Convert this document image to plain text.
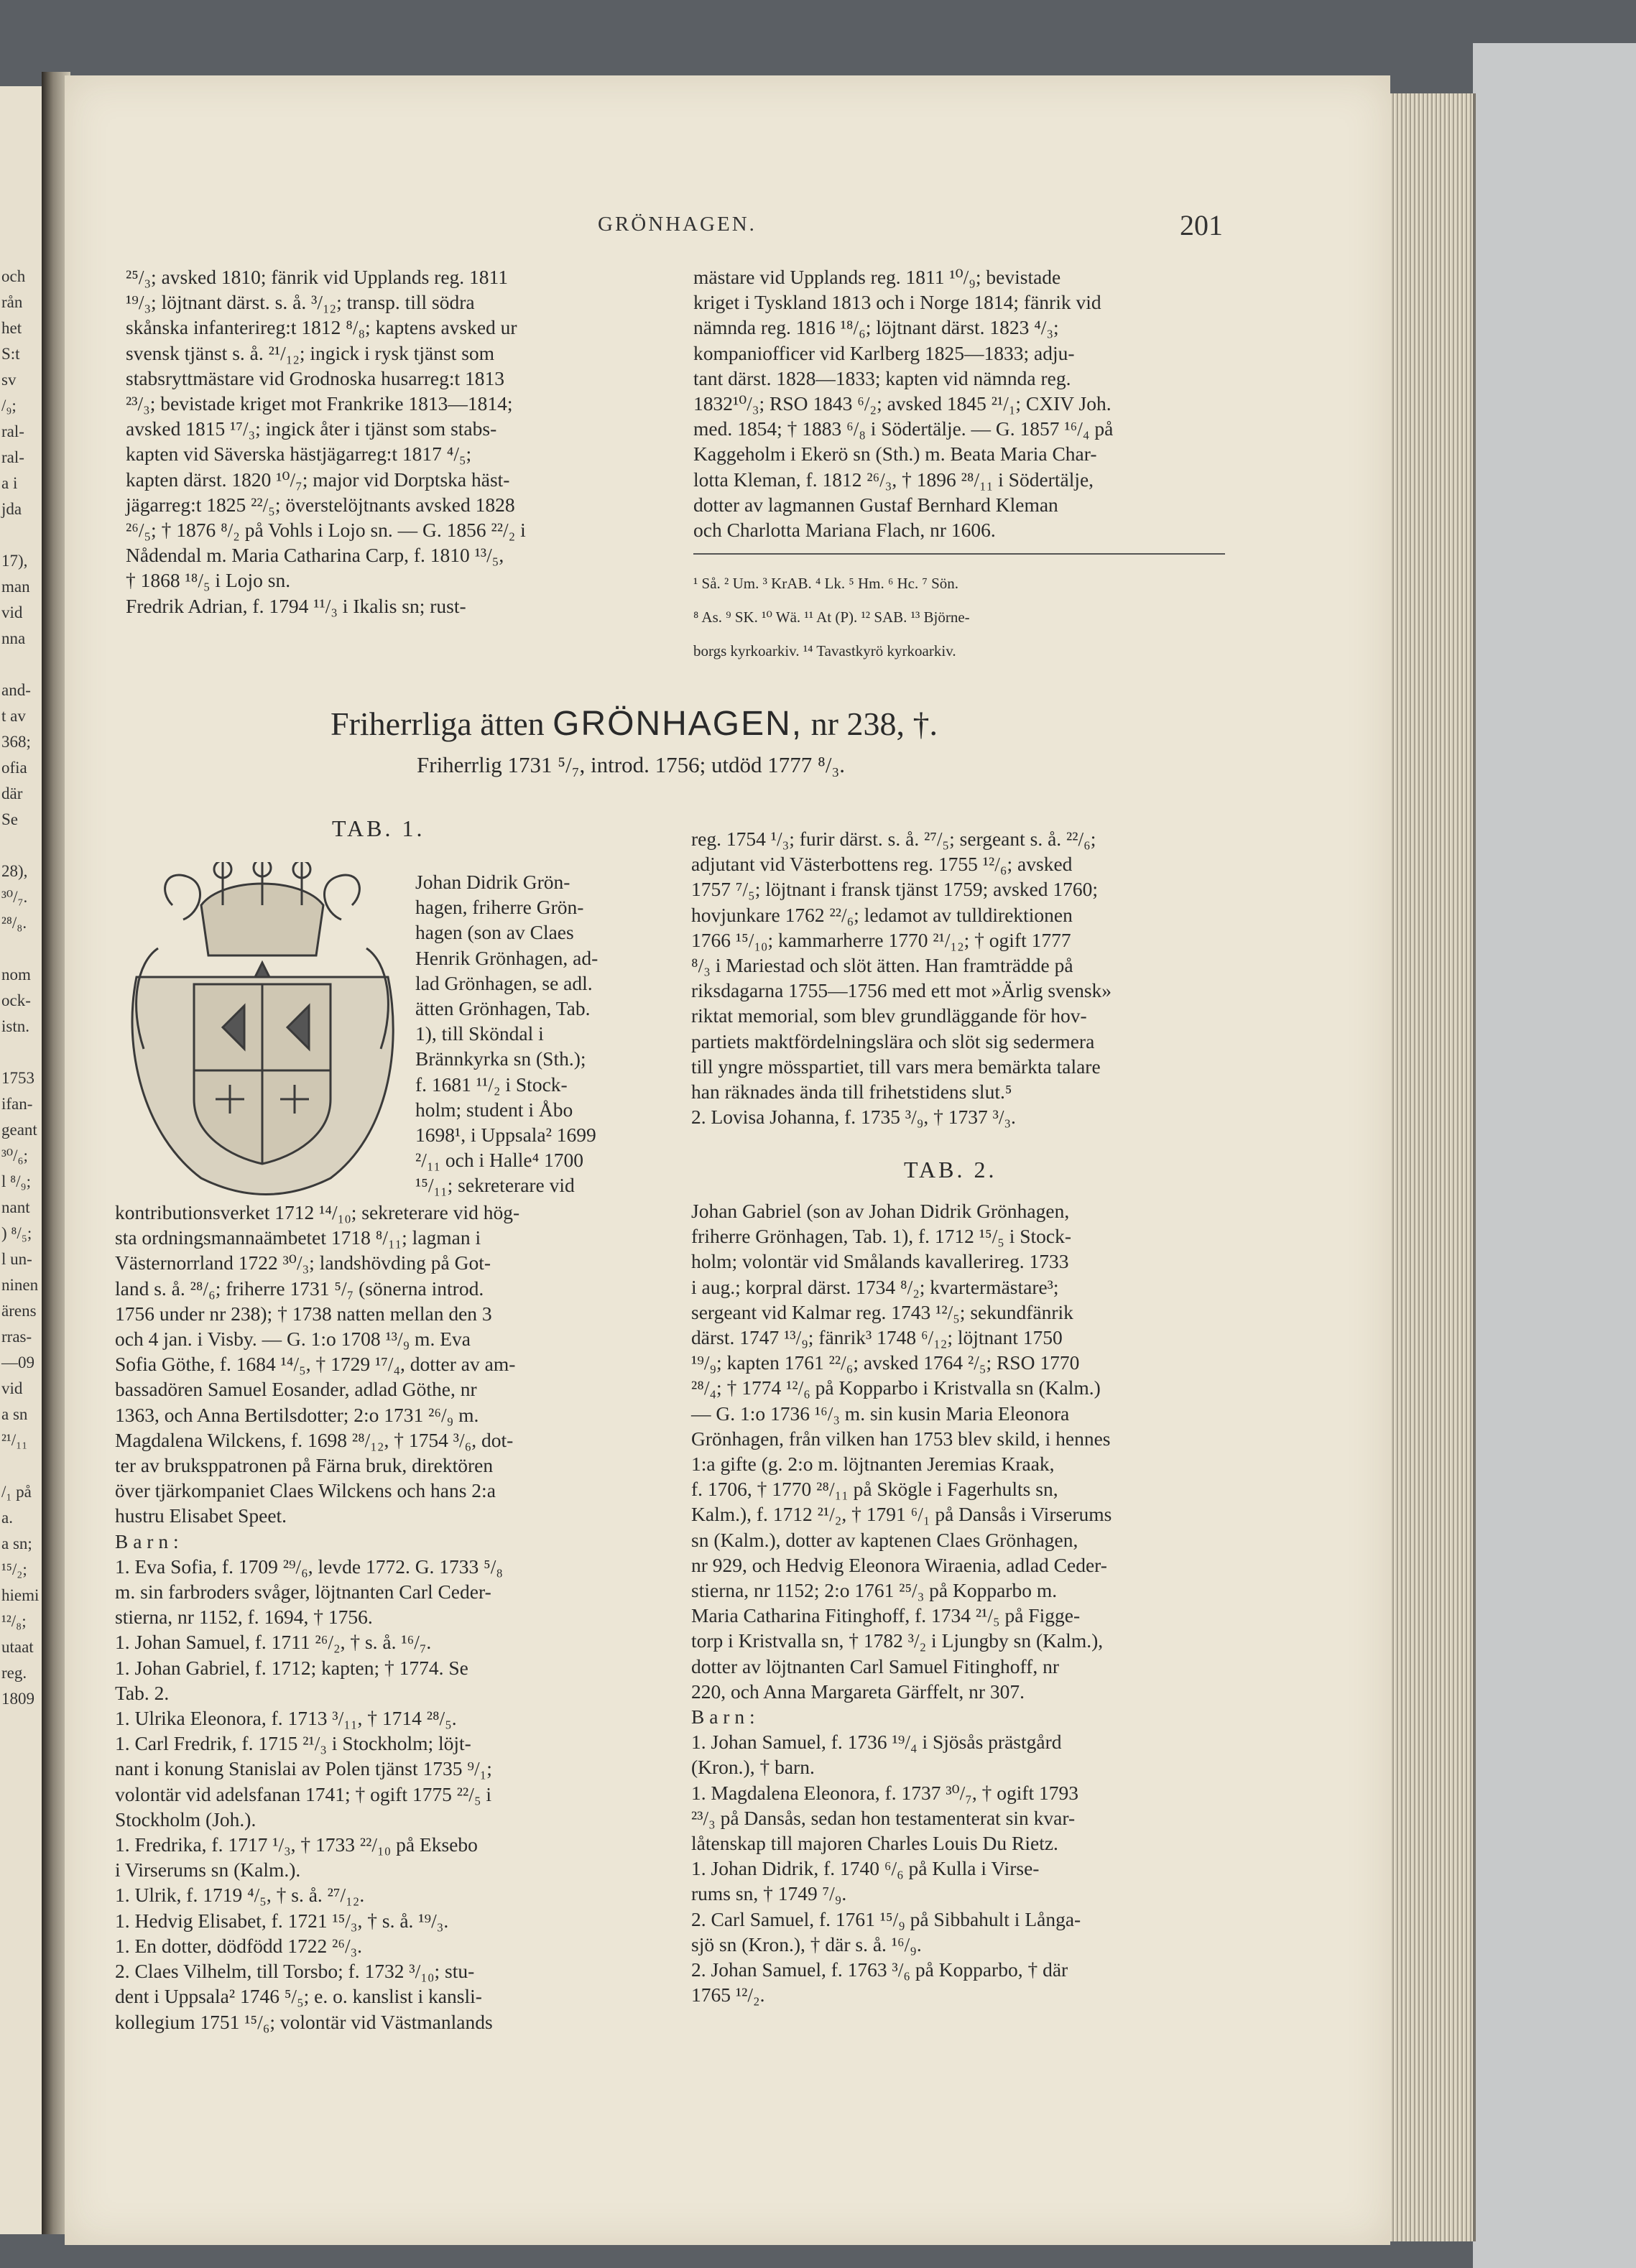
och
rån
het
S:t
sv
/₉;
ral-
ral-
a i
jda
17),
man
vid
nna
and-
t av
368;
ofia
där
Se
28),
³⁰/₇.
²⁸/₈.
nom
ock-
istn.
1753
ifan-
geant
³⁰/₆;
l ⁸/₉;
nant
) ⁸/₅;
l un-
ninen
ärens
rras-
—09
vid
a sn
²¹/₁₁
/₁ på
a.
a sn;
¹⁵/₂;
hiemi
¹²/₈;
utaat
reg.
1809
GRÖNHAGEN.	201

²⁵/₃; avsked 1810; fänrik vid Upplands reg. 1811

¹⁹/₃; löjtnant därst. s. å. ³/₁₂; transp. till södra

skånska infanterireg:t 1812 ⁸/₈; kaptens avsked ur

svensk tjänst s. å. ²¹/₁₂; ingick i rysk tjänst som

stabsryttmästare vid Grodnoska husarreg:t 1813

²³/₃; bevistade kriget mot Frankrike 1813—1814;

avsked 1815 ¹⁷/₃; ingick åter i tjänst som stabs-

kapten vid Säverska hästjägarreg:t 1817 ⁴/₅;

kapten därst. 1820 ¹⁰/₇; major vid Dorptska häst-

jägarreg:t 1825 ²²/₅; överstelöjtnants avsked 1828

²⁶/₅; † 1876 ⁸/₂ på Vohls i Lojo sn. — G. 1856 ²²/₂ i

Nådendal m. Maria Catharina Carp, f. 1810 ¹³/₅,

† 1868 ¹⁸/₅ i Lojo sn.

Fredrik Adrian, f. 1794 ¹¹/₃ i Ikalis sn; rust-

mästare vid Upplands reg. 1811 ¹⁰/₉; bevistade

kriget i Tyskland 1813 och i Norge 1814; fänrik vid

nämnda reg. 1816 ¹⁸/₆; löjtnant därst. 1823 ⁴/₃;

kompaniofficer vid Karlberg 1825—1833; adju-

tant därst. 1828—1833; kapten vid nämnda reg.

1832¹⁰/₃; RSO 1843 ⁶/₂; avsked 1845 ²¹/₁; CXIV Joh.

med. 1854; † 1883 ⁶/₈ i Södertälje. — G. 1857 ¹⁶/₄ på

Kaggeholm i Ekerö sn (Sth.) m. Beata Maria Char-

lotta Kleman, f. 1812 ²⁶/₃, † 1896 ²⁸/₁₁ i Södertälje,

dotter av lagmannen Gustaf Bernhard Kleman

och Charlotta Mariana Flach, nr 1606.

¹ Så. ² Um. ³ KrAB. ⁴ Lk. ⁵ Hm. ⁶ Hc. ⁷ Sön.

⁸ As. ⁹ SK. ¹⁰ Wä. ¹¹ At (P). ¹² SAB. ¹³ Björne-

borgs kyrkoarkiv. ¹⁴ Tavastkyrö kyrkoarkiv.

Friherrliga ätten GRÖNHAGEN, nr 238, †.
Friherrlig 1731 ⁵/₇, introd. 1756; utdöd 1777 ⁸/₃.
TAB. 1.

Johan Didrik Grön-

hagen, friherre Grön-

hagen (son av Claes

Henrik Grönhagen, ad-

lad Grönhagen, se adl.

ätten Grönhagen, Tab.

1), till Sköndal i

Brännkyrka sn (Sth.);

f. 1681 ¹¹/₂ i Stock-

holm; student i Åbo

1698¹, i Uppsala² 1699

²/₁₁ och i Halle⁴ 1700

¹⁵/₁₁; sekreterare vid

kontributionsverket 1712 ¹⁴/₁₀; sekreterare vid hög-

sta ordningsmannaämbetet 1718 ⁸/₁₁; lagman i

Västernorrland 1722 ³⁰/₃; landshövding på Got-

land s. å. ²⁸/₆; friherre 1731 ⁵/₇ (sönerna introd.

1756 under nr 238); † 1738 natten mellan den 3

och 4 jan. i Visby. — G. 1:o 1708 ¹³/₉ m. Eva

Sofia Göthe, f. 1684 ¹⁴/₅, † 1729 ¹⁷/₄, dotter av am-

bassadören Samuel Eosander, adlad Göthe, nr

1363, och Anna Bertilsdotter; 2:o 1731 ²⁶/₉ m.

Magdalena Wilckens, f. 1698 ²⁸/₁₂, † 1754 ³/₆, dot-

ter av bruksppatronen på Färna bruk, direktören

över tjärkompaniet Claes Wilckens och hans 2:a

hustru Elisabet Speet.

B a r n :

1. Eva Sofia, f. 1709 ²⁹/₆, levde 1772. G. 1733 ⁵/₈

m. sin farbroders svåger, löjtnanten Carl Ceder-

stierna, nr 1152, f. 1694, † 1756.

1. Johan Samuel, f. 1711 ²⁶/₂, † s. å. ¹⁶/₇.

1. Johan Gabriel, f. 1712; kapten; † 1774. Se

Tab. 2.

1. Ulrika Eleonora, f. 1713 ³/₁₁, † 1714 ²⁸/₅.

1. Carl Fredrik, f. 1715 ²¹/₃ i Stockholm; löjt-

nant i konung Stanislai av Polen tjänst 1735 ⁹/₁;

volontär vid adelsfanan 1741; † ogift 1775 ²²/₅ i

Stockholm (Joh.).

1. Fredrika, f. 1717 ¹/₃, † 1733 ²²/₁₀ på Eksebo

i Virserums sn (Kalm.).

1. Ulrik, f. 1719 ⁴/₅, † s. å. ²⁷/₁₂.

1. Hedvig Elisabet, f. 1721 ¹⁵/₃, † s. å. ¹⁹/₃.

1. En dotter, dödfödd 1722 ²⁶/₃.

2. Claes Vilhelm, till Torsbo; f. 1732 ³/₁₀; stu-

dent i Uppsala² 1746 ⁵/₅; e. o. kanslist i kansli-

kollegium 1751 ¹⁵/₆; volontär vid Västmanlands

reg. 1754 ¹/₃; furir därst. s. å. ²⁷/₅; sergeant s. å. ²²/₆;

adjutant vid Västerbottens reg. 1755 ¹²/₆; avsked

1757 ⁷/₅; löjtnant i fransk tjänst 1759; avsked 1760;

hovjunkare 1762 ²²/₆; ledamot av tulldirektionen

1766 ¹⁵/₁₀; kammarherre 1770 ²¹/₁₂; † ogift 1777

⁸/₃ i Mariestad och slöt ätten. Han framträdde på

riksdagarna 1755—1756 med ett mot »Ärlig svensk»

riktat memorial, som blev grundläggande för hov-

partiets maktfördelningslära och slöt sig sedermera

till yngre mösspartiet, till vars mera bemärkta talare

han räknades ända till frihetstidens slut.⁵

2. Lovisa Johanna, f. 1735 ³/₉, † 1737 ³/₃.

TAB. 2.

Johan Gabriel (son av Johan Didrik Grönhagen,

friherre Grönhagen, Tab. 1), f. 1712 ¹⁵/₅ i Stock-

holm; volontär vid Smålands kavallerireg. 1733

i aug.; korpral därst. 1734 ⁸/₂; kvartermästare³;

sergeant vid Kalmar reg. 1743 ¹²/₅; sekundfänrik

därst. 1747 ¹³/₉; fänrik³ 1748 ⁶/₁₂; löjtnant 1750

¹⁹/₉; kapten 1761 ²²/₆; avsked 1764 ²/₅; RSO 1770

²⁸/₄; † 1774 ¹²/₆ på Kopparbo i Kristvalla sn (Kalm.)

— G. 1:o 1736 ¹⁶/₃ m. sin kusin Maria Eleonora

Grönhagen, från vilken han 1753 blev skild, i hennes

1:a gifte (g. 2:o m. löjtnanten Jeremias Kraak,

f. 1706, † 1770 ²⁸/₁₁ på Skögle i Fagerhults sn,

Kalm.), f. 1712 ²¹/₂, † 1791 ⁶/₁ på Dansås i Virserums

sn (Kalm.), dotter av kaptenen Claes Grönhagen,

nr 929, och Hedvig Eleonora Wiraenia, adlad Ceder-

stierna, nr 1152; 2:o 1761 ²⁵/₃ på Kopparbo m.

Maria Catharina Fitinghoff, f. 1734 ²¹/₅ på Figge-

torp i Kristvalla sn, † 1782 ³/₂ i Ljungby sn (Kalm.),

dotter av löjtnanten Carl Samuel Fitinghoff, nr

220, och Anna Margareta Gärffelt, nr 307.

B a r n :

1. Johan Samuel, f. 1736 ¹⁹/₄ i Sjösås prästgård

(Kron.), † barn.

1. Magdalena Eleonora, f. 1737 ³⁰/₇, † ogift 1793

²³/₃ på Dansås, sedan hon testamenterat sin kvar-

låtenskap till majoren Charles Louis Du Rietz.

1. Johan Didrik, f. 1740 ⁶/₆ på Kulla i Virse-

rums sn, † 1749 ⁷/₉.

2. Carl Samuel, f. 1761 ¹⁵/₉ på Sibbahult i Långa-

sjö sn (Kron.), † där s. å. ¹⁶/₉.

2. Johan Samuel, f. 1763 ³/₆ på Kopparbo, † där

1765 ¹²/₂.
